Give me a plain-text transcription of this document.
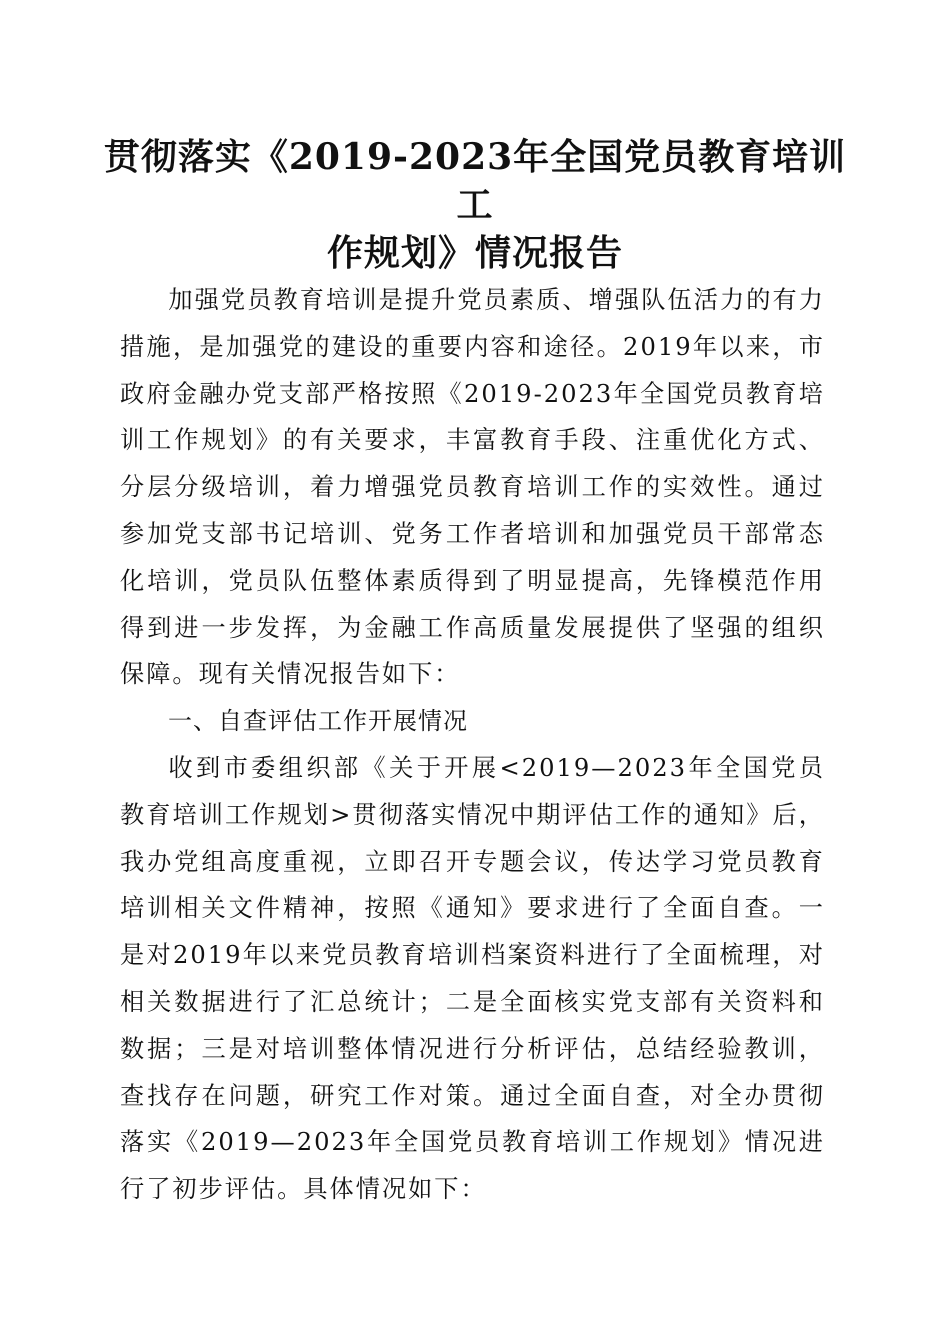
贯彻落实《2019-2023年全国党员教育培训工
作规划》情况报告

加强党员教育培训是提升党员素质、增强队伍活力的有力措施，是加强党的建设的重要内容和途径。2019年以来，市政府金融办党支部严格按照《2019-2023年全国党员教育培训工作规划》的有关要求，丰富教育手段、注重优化方式、分层分级培训，着力增强党员教育培训工作的实效性。通过参加党支部书记培训、党务工作者培训和加强党员干部常态化培训，党员队伍整体素质得到了明显提高，先锋模范作用得到进一步发挥，为金融工作高质量发展提供了坚强的组织保障。现有关情况报告如下：

一、自查评估工作开展情况

收到市委组织部《关于开展<2019—2023年全国党员教育培训工作规划>贯彻落实情况中期评估工作的通知》后，我办党组高度重视，立即召开专题会议，传达学习党员教育培训相关文件精神，按照《通知》要求进行了全面自查。一是对2019年以来党员教育培训档案资料进行了全面梳理，对相关数据进行了汇总统计；二是全面核实党支部有关资料和数据；三是对培训整体情况进行分析评估，总结经验教训，查找存在问题，研究工作对策。通过全面自查，对全办贯彻落实《2019—2023年全国党员教育培训工作规划》情况进行了初步评估。具体情况如下：
